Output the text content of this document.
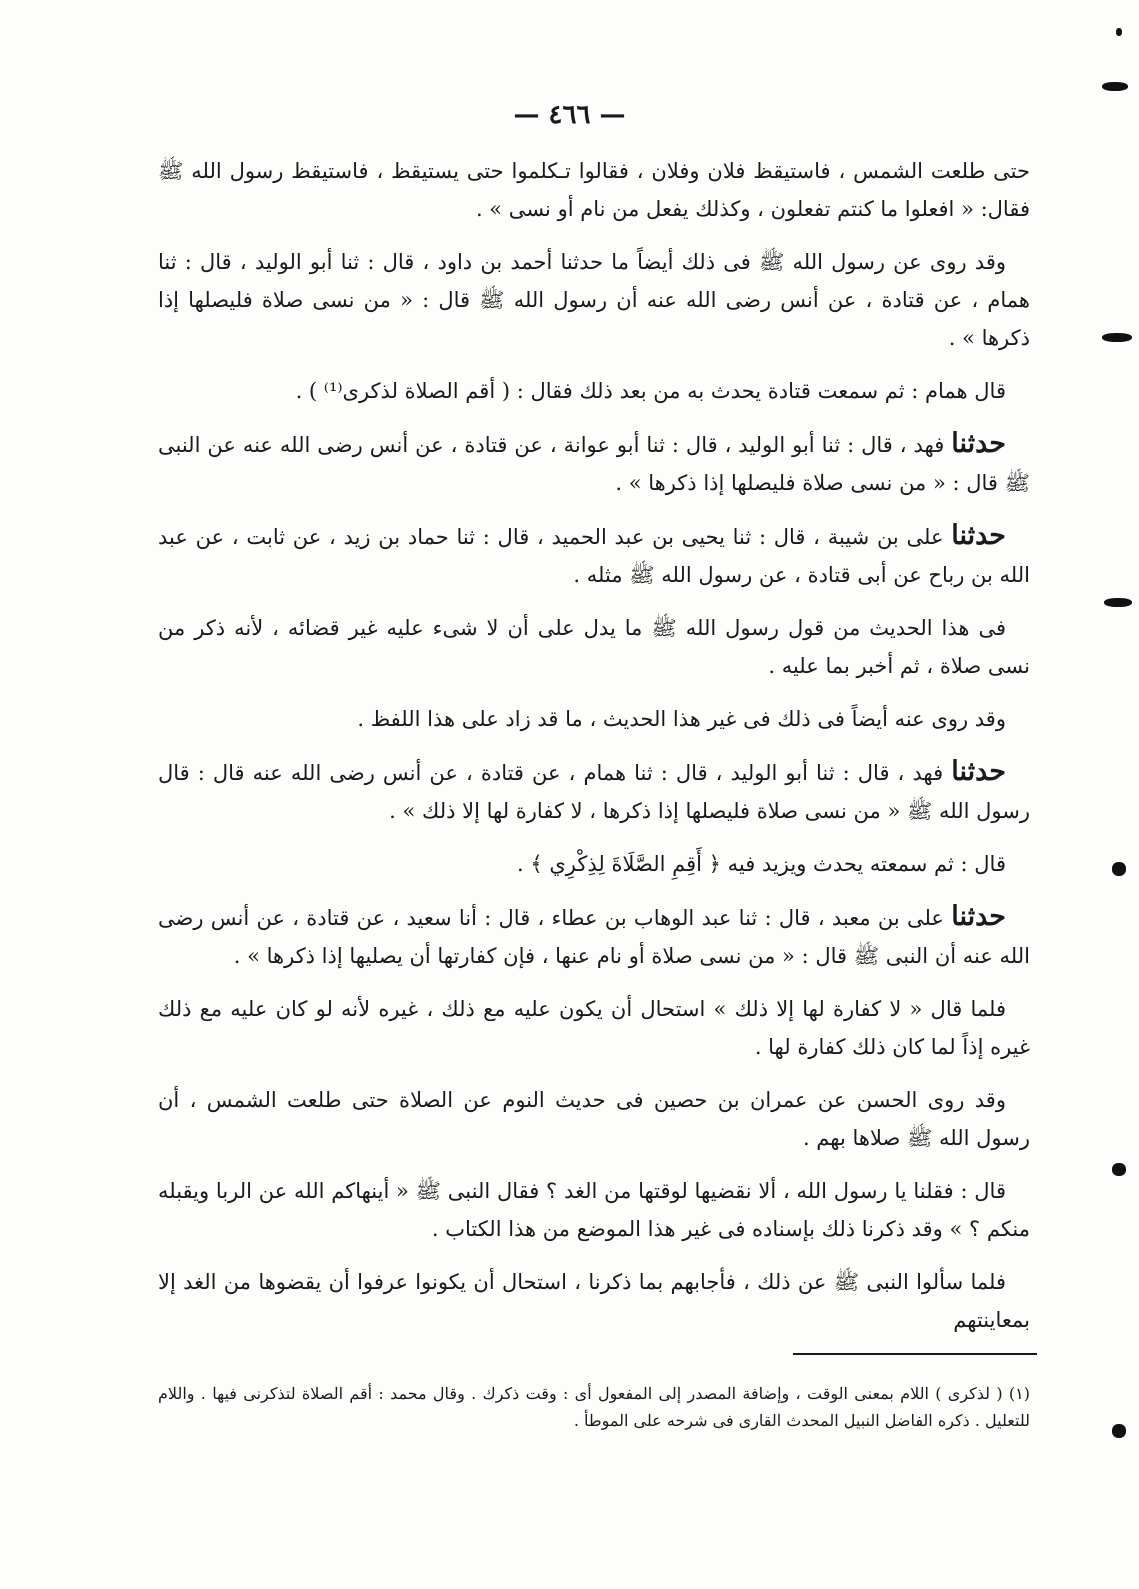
— ٤٦٦ —

حتى طلعت الشمس ، فاستيقظ فلان وفلان ، فقالوا تـكلموا حتى يستيقظ ، فاستيقظ رسول الله ﷺ فقال: « افعلوا ما كنتم تفعلون ، وكذلك يفعل من نام أو نسى » .

وقد روى عن رسول الله ﷺ فى ذلك أيضاً ما حدثنا أحمد بن داود ، قال : ثنا أبو الوليد ، قال : ثنا همام ، عن قتادة ، عن أنس رضى الله عنه أن رسول الله ﷺ قال : « من نسى صلاة فليصلها إذا ذكرها » .

قال همام : ثم سمعت قتادة يحدث به من بعد ذلك فقال : ( أقم الصلاة لذكرى⁽¹⁾ ) .

حدثنا فهد ، قال : ثنا أبو الوليد ، قال : ثنا أبو عوانة ، عن قتادة ، عن أنس رضى الله عنه عن النبى ﷺ قال : « من نسى صلاة فليصلها إذا ذكرها » .

حدثنا على بن شيبة ، قال : ثنا يحيى بن عبد الحميد ، قال : ثنا حماد بن زيد ، عن ثابت ، عن عبد الله بن رباح عن أبى قتادة ، عن رسول الله ﷺ مثله .

فى هذا الحديث من قول رسول الله ﷺ ما يدل على أن لا شىء عليه غير قضائه ، لأنه ذكر من نسى صلاة ، ثم أخبر بما عليه .

وقد روى عنه أيضاً فى ذلك فى غير هذا الحديث ، ما قد زاد على هذا اللفظ .

حدثنا فهد ، قال : ثنا أبو الوليد ، قال : ثنا همام ، عن قتادة ، عن أنس رضى الله عنه قال : قال رسول الله ﷺ « من نسى صلاة فليصلها إذا ذكرها ، لا كفارة لها إلا ذلك » .

قال : ثم سمعته يحدث ويزيد فيه ﴿ أَقِمِ الصَّلَاةَ لِذِكْرِي ﴾ .

حدثنا على بن معبد ، قال : ثنا عبد الوهاب بن عطاء ، قال : أنا سعيد ، عن قتادة ، عن أنس رضى الله عنه أن النبى ﷺ قال : « من نسى صلاة أو نام عنها ، فإن كفارتها أن يصليها إذا ذكرها » .

فلما قال « لا كفارة لها إلا ذلك » استحال أن يكون عليه مع ذلك ، غيره لأنه لو كان عليه مع ذلك غيره إذاً لما كان ذلك كفارة لها .

وقد روى الحسن عن عمران بن حصين فى حديث النوم عن الصلاة حتى طلعت الشمس ، أن رسول الله ﷺ صلاها بهم .

قال : فقلنا يا رسول الله ، ألا نقضيها لوقتها من الغد ؟ فقال النبى ﷺ « أينهاكم الله عن الربا ويقبله منكم ؟ » وقد ذكرنا ذلك بإسناده فى غير هذا الموضع من هذا الكتاب .

فلما سألوا النبى ﷺ عن ذلك ، فأجابهم بما ذكرنا ، استحال أن يكونوا عرفوا أن يقضوها من الغد إلا بمعاينتهم

(١) ( لذكرى ) اللام بمعنى الوقت ، وإضافة المصدر إلى المفعول أى : وقت ذكرك . وقال محمد : أقم الصلاة لتذكرنى فيها . واللام للتعليل . ذكره الفاضل النبيل المحدث القارى فى شرحه على الموطأ .
